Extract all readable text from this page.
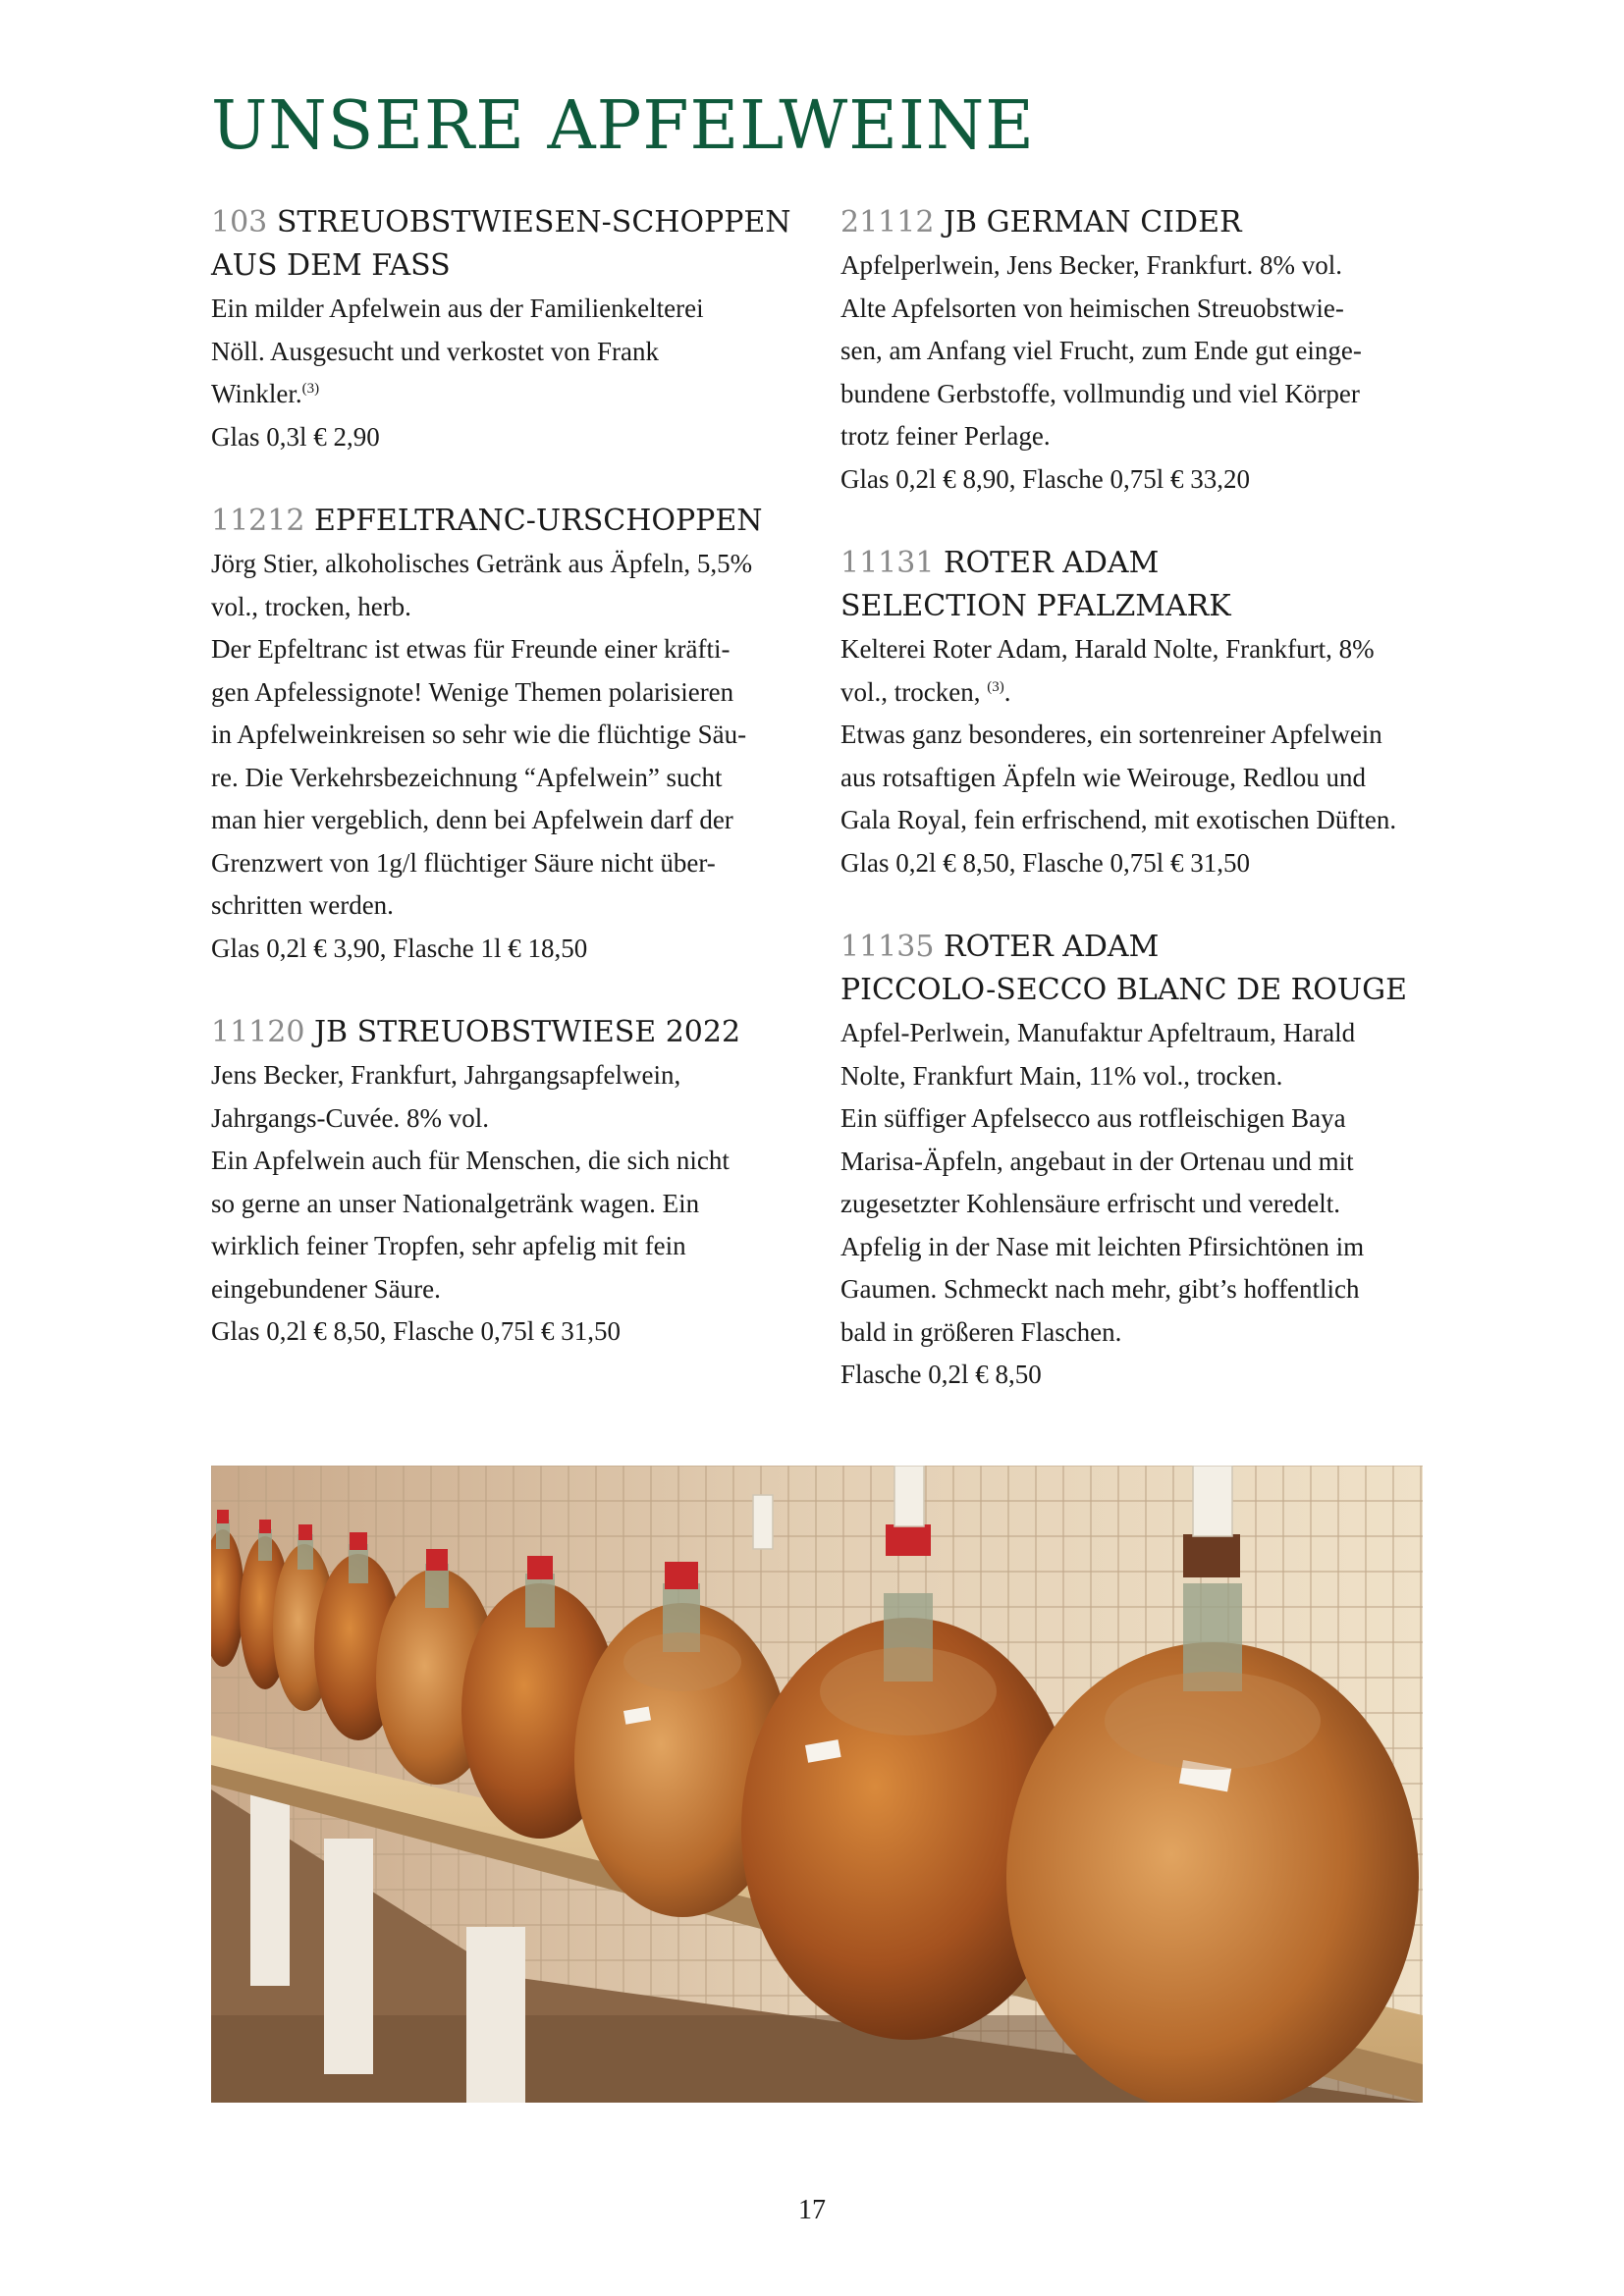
UNSERE APFELWEINE

103 STREUOBSTWIESEN-SCHOPPEN

AUS DEM FASS

Ein milder Apfelwein aus der Familienkelterei

Nöll. Ausgesucht und verkostet von Frank

Winkler.$^{(3)}$

Glas 0,3l € 2,90

11212 EPFELTRANC-URSCHOPPEN

Jörg Stier, alkoholisches Getränk aus Äpfeln, 5,5%

vol., trocken, herb.

Der Epfeltranc ist etwas für Freunde einer kräfti-

gen Apfelessignote! Wenige Themen polarisieren

in Apfelweinkreisen so sehr wie die flüchtige Säu-

re. Die Verkehrsbezeichnung “Apfelwein” sucht

man hier vergeblich, denn bei Apfelwein darf der

Grenzwert von 1g/l flüchtiger Säure nicht über-

schritten werden.

Glas 0,2l € 3,90, Flasche 1l € 18,50

11120 JB STREUOBSTWIESE 2022

Jens Becker, Frankfurt, Jahrgangsapfelwein,

Jahrgangs-Cuvée. 8% vol.

Ein Apfelwein auch für Menschen, die sich nicht

so gerne an unser Nationalgetränk wagen. Ein

wirklich feiner Tropfen, sehr apfelig mit fein

eingebundener Säure.

Glas 0,2l € 8,50, Flasche 0,75l € 31,50

21112 JB GERMAN CIDER

Apfelperlwein, Jens Becker, Frankfurt. 8% vol.

Alte Apfelsorten von heimischen Streuobstwie-

sen, am Anfang viel Frucht, zum Ende gut einge-

bundene Gerbstoffe, vollmundig und viel Körper

trotz feiner Perlage.

Glas 0,2l € 8,90, Flasche 0,75l € 33,20

11131 ROTER ADAM

SELECTION PFALZMARK

Kelterei Roter Adam, Harald Nolte, Frankfurt, 8%

vol., trocken, $^{(3)}$.

Etwas ganz besonderes, ein sortenreiner Apfelwein

aus rotsaftigen Äpfeln wie Weirouge, Redlou und

Gala Royal, fein erfrischend, mit exotischen Düften.

Glas 0,2l € 8,50, Flasche 0,75l € 31,50

11135 ROTER ADAM

PICCOLO-SECCO BLANC DE ROUGE

Apfel-Perlwein, Manufaktur Apfeltraum, Harald

Nolte, Frankfurt Main, 11% vol., trocken.

Ein süffiger Apfelsecco aus rotfleischigen Baya

Marisa-Äpfeln, angebaut in der Ortenau und mit

zugesetzter Kohlensäure erfrischt und veredelt.

Apfelig in der Nase mit leichten Pfirsichtönen im

Gaumen. Schmeckt nach mehr, gibt’s hoffentlich

bald in größeren Flaschen.

Flasche 0,2l € 8,50

17
